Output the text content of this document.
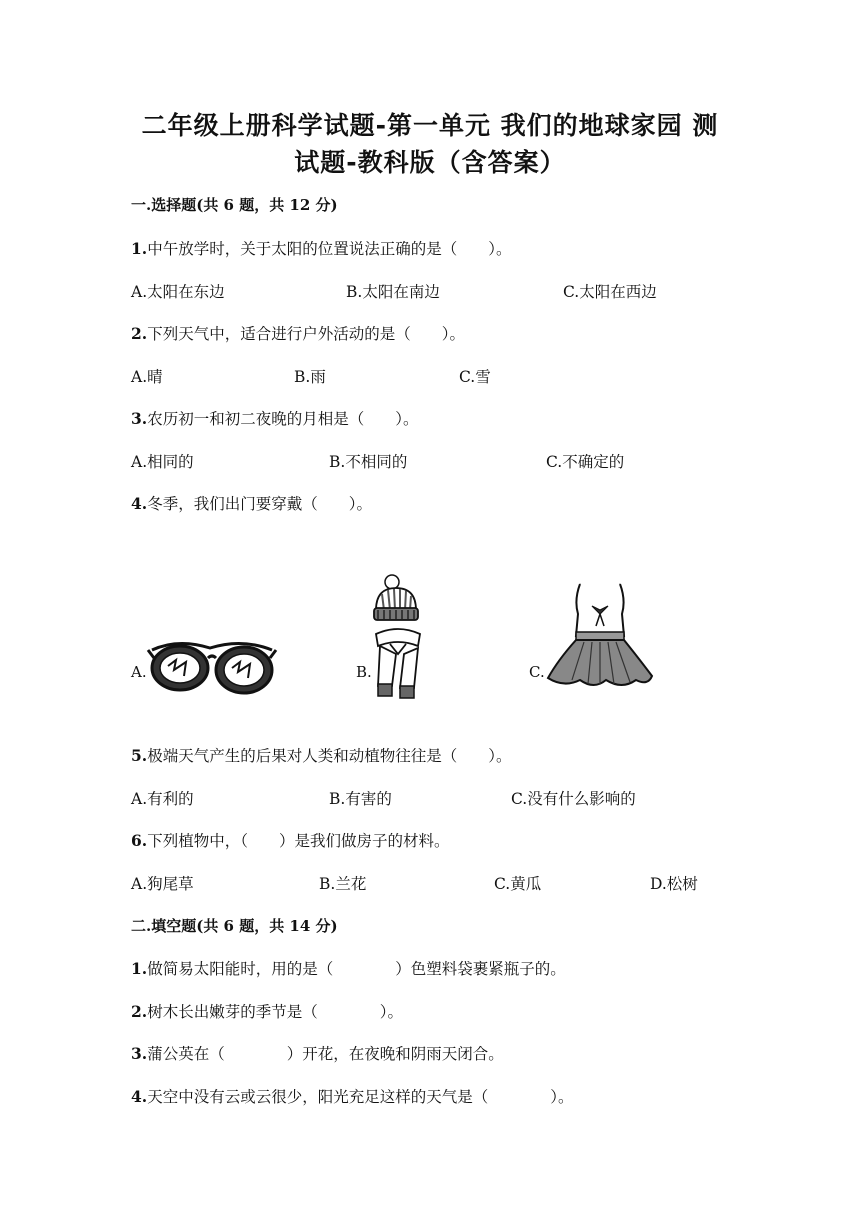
二年级上册科学试题-第一单元 我们的地球家园 测
试题-教科版（含答案）
一.选择题(共 6 题，共 12 分)
1.中午放学时，关于太阳的位置说法正确的是（　　）。
A.太阳在东边	B.太阳在南边	C.太阳在西边
2.下列天气中，适合进行户外活动的是（　　）。
A.晴	B.雨	C.雪
3.农历初一和初二夜晚的月相是（　　）。
A.相同的	B.不相同的	C.不确定的
4.冬季，我们出门要穿戴（　　）。
A.	B.	C.
5.极端天气产生的后果对人类和动植物往往是（　　）。
A.有利的	B.有害的	C.没有什么影响的
6.下列植物中，（　　）是我们做房子的材料。
A.狗尾草	B.兰花	C.黄瓜	D.松树
二.填空题(共 6 题，共 14 分)
1.做简易太阳能时，用的是（　　　　）色塑料袋裹紧瓶子的。
2.树木长出嫩芽的季节是（　　　　）。
3.蒲公英在（　　　　）开花，在夜晚和阴雨天闭合。
4.天空中没有云或云很少，阳光充足这样的天气是（　　　　）。
